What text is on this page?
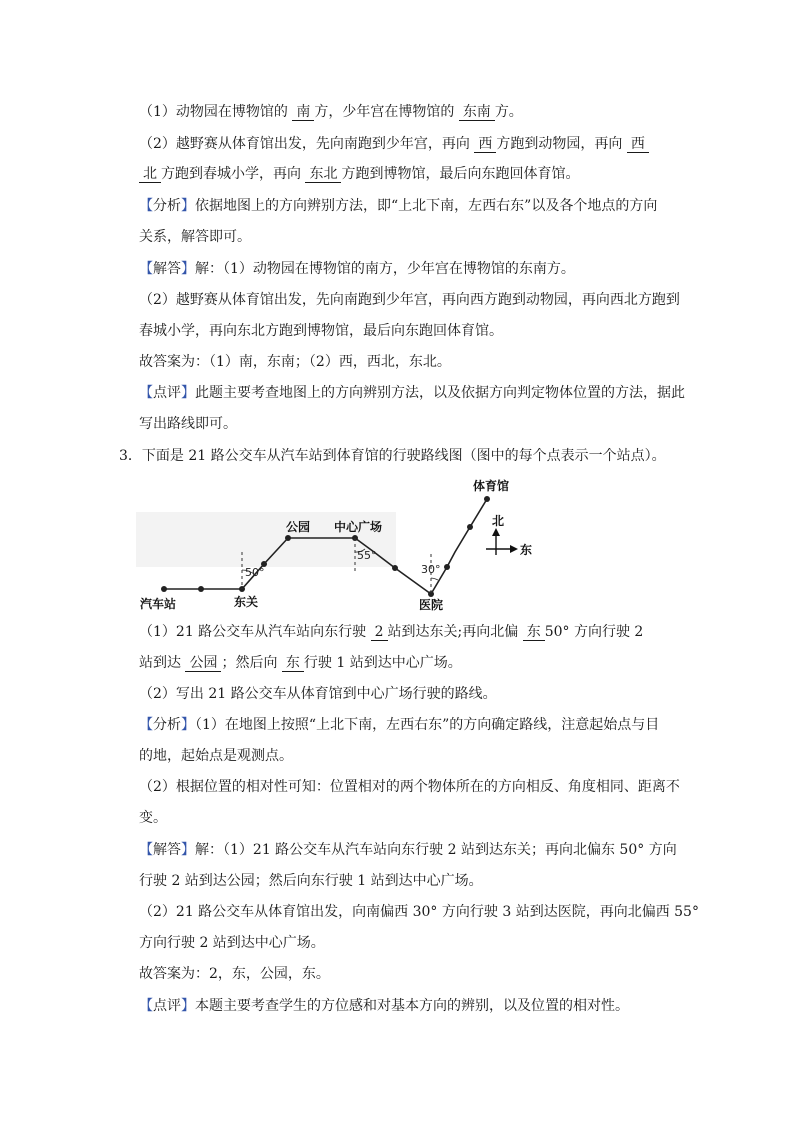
（1）动物园在博物馆的 南 方，少年宫在博物馆的 东南 方。
（2）越野赛从体育馆出发，先向南跑到少年宫，再向 西 方跑到动物园，再向 西
北 方跑到春城小学，再向 东北 方跑到博物馆，最后向东跑回体育馆。
【分析】依据地图上的方向辨别方法，即“上北下南，左西右东”以及各个地点的方向
关系，解答即可。
【解答】解：（1）动物园在博物馆的南方，少年宫在博物馆的东南方。
（2）越野赛从体育馆出发，先向南跑到少年宫，再向西方跑到动物园，再向西北方跑到
春城小学，再向东北方跑到博物馆，最后向东跑回体育馆。
故答案为：（1）南，东南；（2）西，西北，东北。
【点评】此题主要考查地图上的方向辨别方法，以及依据方向判定物体位置的方法，据此
写出路线即可。
3．下面是 21 路公交车从汽车站到体育馆的行驶路线图（图中的每个点表示一个站点）。
50°
55°
30°
汽车站	东关
公园 中心广场
医院
体育馆
北
东
（1）21 路公交车从汽车站向东行驶 2 站到达东关;再向北偏 东 50° 方向行驶 2
站到达 公园 ；然后向 东 行驶 1 站到达中心广场。
（2）写出 21 路公交车从体育馆到中心广场行驶的路线。
【分析】（1）在地图上按照“上北下南，左西右东”的方向确定路线，注意起始点与目
的地，起始点是观测点。
（2）根据位置的相对性可知：位置相对的两个物体所在的方向相反、角度相同、距离不
变。
【解答】解：（1）21 路公交车从汽车站向东行驶 2 站到达东关；再向北偏东 50° 方向
行驶 2 站到达公园；然后向东行驶 1 站到达中心广场。
（2）21 路公交车从体育馆出发，向南偏西 30° 方向行驶 3 站到达医院，再向北偏西 55°
方向行驶 2 站到达中心广场。
故答案为：2，东，公园，东。
【点评】本题主要考查学生的方位感和对基本方向的辨别，以及位置的相对性。
